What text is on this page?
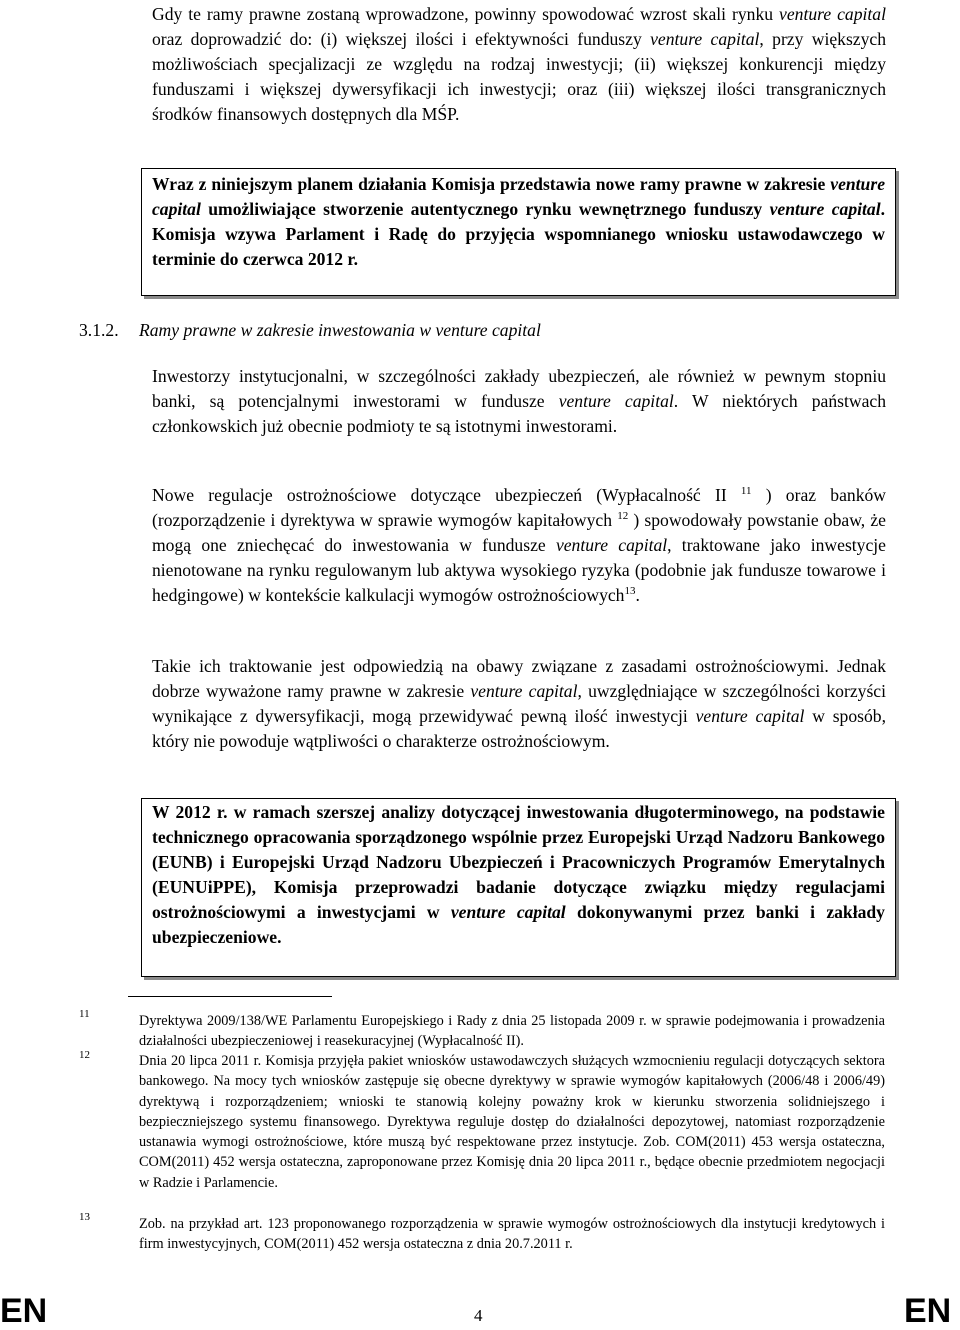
Gdy te ramy prawne zostaną wprowadzone, powinny spowodować wzrost skali rynku venture capital oraz doprowadzić do: (i) większej ilości i efektywności funduszy venture capital, przy większych możliwościach specjalizacji ze względu na rodzaj inwestycji; (ii) większej konkurencji między funduszami i większej dywersyfikacji ich inwestycji; oraz (iii) większej ilości transgranicznych środków finansowych dostępnych dla MŚP.

Wraz z niniejszym planem działania Komisja przedstawia nowe ramy prawne w zakresie venture capital umożliwiające stworzenie autentycznego rynku wewnętrznego funduszy venture capital. Komisja wzywa Parlament i Radę do przyjęcia wspomnianego wniosku ustawodawczego w terminie do czerwca 2012 r.

3.1.2. Ramy prawne w zakresie inwestowania w venture capital

Inwestorzy instytucjonalni, w szczególności zakłady ubezpieczeń, ale również w pewnym stopniu banki, są potencjalnymi inwestorami w fundusze venture capital. W niektórych państwach członkowskich już obecnie podmioty te są istotnymi inwestorami.

Nowe regulacje ostrożnościowe dotyczące ubezpieczeń (Wypłacalność II $^{11}$ ) oraz banków (rozporządzenie i dyrektywa w sprawie wymogów kapitałowych $^{12}$ ) spowodowały powstanie obaw, że mogą one zniechęcać do inwestowania w fundusze venture capital, traktowane jako inwestycje nienotowane na rynku regulowanym lub aktywa wysokiego ryzyka (podobnie jak fundusze towarowe i hedgingowe) w kontekście kalkulacji wymogów ostrożnościowych$^{13}$.

Takie ich traktowanie jest odpowiedzią na obawy związane z zasadami ostrożnościowymi. Jednak dobrze wyważone ramy prawne w zakresie venture capital, uwzględniające w szczególności korzyści wynikające z dywersyfikacji, mogą przewidywać pewną ilość inwestycji venture capital w sposób, który nie powoduje wątpliwości o charakterze ostrożnościowym.

W 2012 r. w ramach szerszej analizy dotyczącej inwestowania długoterminowego, na podstawie technicznego opracowania sporządzonego wspólnie przez Europejski Urząd Nadzoru Bankowego (EUNB) i Europejski Urząd Nadzoru Ubezpieczeń i Pracowniczych Programów Emerytalnych (EUNUiPPE), Komisja przeprowadzi badanie dotyczące związku między regulacjami ostrożnościowymi a inwestycjami w venture capital dokonywanymi przez banki i zakłady ubezpieczeniowe.

11	Dyrektywa 2009/138/WE Parlamentu Europejskiego i Rady z dnia 25 listopada 2009 r. w sprawie podejmowania i prowadzenia działalności ubezpieczeniowej i reasekuracyjnej (Wypłacalność II).

12	Dnia 20 lipca 2011 r. Komisja przyjęła pakiet wniosków ustawodawczych służących wzmocnieniu regulacji dotyczących sektora bankowego. Na mocy tych wniosków zastępuje się obecne dyrektywy w sprawie wymogów kapitałowych (2006/48 i 2006/49) dyrektywą i rozporządzeniem; wnioski te stanowią kolejny poważny krok w kierunku stworzenia solidniejszego i bezpieczniejszego systemu finansowego. Dyrektywa reguluje dostęp do działalności depozytowej, natomiast rozporządzenie ustanawia wymogi ostrożnościowe, które muszą być respektowane przez instytucje. Zob. COM(2011) 453 wersja ostateczna, COM(2011) 452 wersja ostateczna, zaproponowane przez Komisję dnia 20 lipca 2011 r., będące obecnie przedmiotem negocjacji w Radzie i Parlamencie.

13	Zob. na przykład art. 123 proponowanego rozporządzenia w sprawie wymogów ostrożnościowych dla instytucji kredytowych i firm inwestycyjnych, COM(2011) 452 wersja ostateczna z dnia 20.7.2011 r.

EN	4	EN
